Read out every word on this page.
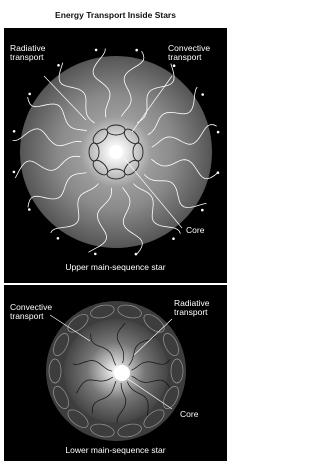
Energy Transport Inside Stars
Radiative
transport
Convective
transport
Core
Upper main-sequence star
Convective
transport
Radiative
transport
Core
Lower main-sequence star
